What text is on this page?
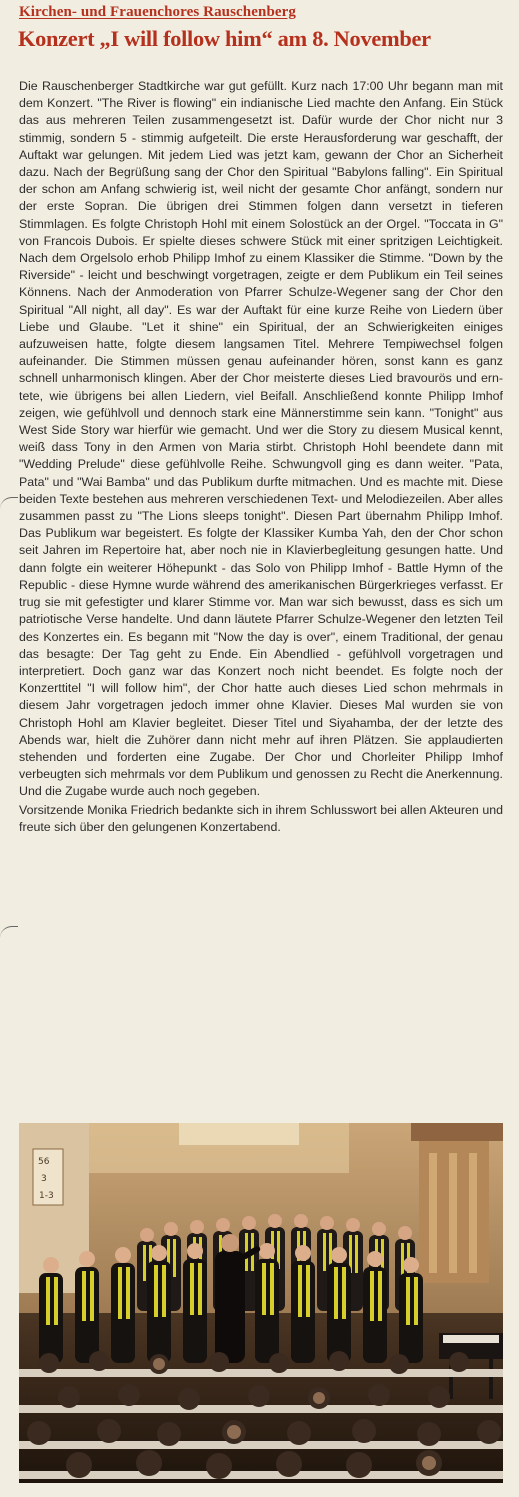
Kirchen- und Frauenchores Rauschenberg
Konzert „I will follow him“ am 8. November

Die Rauschenberger Stadtkirche war gut gefüllt. Kurz nach 17:00 Uhr begann man mit dem Konzert. "The River is flowing" ein indianische Lied machte den Anfang. Ein Stück das aus mehreren Teilen zusammengesetzt ist. Dafür wurde der Chor nicht nur 3 stimmig, sondern 5 - stimmig aufgeteilt. Die erste Herausforderung war geschafft, der Auftakt war gelungen. Mit jedem Lied was jetzt kam, gewann der Chor an Sicherheit dazu. Nach der Begrüßung sang der Chor den Spiritual "Babylons falling". Ein Spiritual der schon am Anfang schwierig ist, weil nicht der gesamte Chor anfängt, sondern nur der erste Sopran. Die übrigen drei Stimmen folgen dann versetzt in tieferen Stimmlagen. Es folgte Christoph Hohl mit einem Solostück an der Orgel. "Toccata in G" von Francois Dubois. Er spielte dieses schwere Stück mit einer spritzigen Leichtigkeit. Nach dem Orgelsolo erhob Philipp Imhof zu einem Klassiker die Stimme. "Down by the Riverside" - leicht und beschwingt vorgetragen, zeigte er dem Publikum ein Teil seines Könnens. Nach der Anmoderation von Pfarrer Schulze-Wegener sang der Chor den Spiritual "All night, all day". Es war der Auftakt für eine kurze Reihe von Liedern über Liebe und Glaube. "Let it shine" ein Spiritual, der an Schwierigkeiten einiges aufzuweisen hatte, folgte diesem langsamen Titel. Mehrere Tempiwechsel folgen aufeinander. Die Stimmen müssen genau aufeinander hören, sonst kann es ganz schnell unharmonisch klingen. Aber der Chor meisterte dieses Lied bravourös und erntete, wie übrigens bei allen Liedern, viel Beifall. Anschließend konnte Philipp Imhof zeigen, wie gefühlvoll und dennoch stark eine Männerstimme sein kann. "Tonight" aus West Side Story war hierfür wie gemacht. Und wer die Story zu diesem Musical kennt, weiß dass Tony in den Armen von Maria stirbt. Christoph Hohl beendete dann mit "Wedding Prelude" diese gefühlvolle Reihe. Schwungvoll ging es dann weiter. "Pata, Pata" und "Wai Bamba" und das Publikum durfte mitmachen. Und es machte mit. Diese beiden Texte bestehen aus mehreren verschiedenen Text- und Melodiezeilen. Aber alles zusammen passt zu "The Lions sleeps tonight". Diesen Part übernahm Philipp Imhof. Das Publikum war begeistert. Es folgte der Klassiker Kumba Yah, den der Chor schon seit Jahren im Repertoire hat, aber noch nie in Klavierbegleitung gesungen hatte. Und dann folgte ein weiterer Höhepunkt - das Solo von Philipp Imhof - Battle Hymn of the Republic - diese Hymne wurde während des amerikanischen Bürgerkrieges verfasst. Er trug sie mit gefestigter und klarer Stimme vor. Man war sich bewusst, dass es sich um patriotische Verse handelte. Und dann läutete Pfarrer Schulze-Wegener den letzten Teil des Konzertes ein. Es begann mit "Now the day is over", einem Traditional, der genau das besagte: Der Tag geht zu Ende. Ein Abendlied - gefühlvoll vorgetragen und interpretiert. Doch ganz war das Konzert noch nicht beendet. Es folgte noch der Konzerttitel "I will follow him", der Chor hatte auch dieses Lied schon mehrmals in diesem Jahr vorgetragen jedoch immer ohne Klavier. Dieses Mal wurden sie von Christoph Hohl am Klavier begleitet. Dieser Titel und Siyahamba, der der letzte des Abends war, hielt die Zuhörer dann nicht mehr auf ihren Plätzen. Sie applaudierten stehenden und forderten eine Zugabe. Der Chor und Chorleiter Philipp Imhof verbeugten sich mehrmals vor dem Publikum und genossen zu Recht die Anerkennung. Und die Zugabe wurde auch noch gegeben.

Vorsitzende Monika Friedrich bedankte sich in ihrem Schlusswort bei allen Akteuren und freute sich über den gelungenen Konzertabend.

56
3
1-3
